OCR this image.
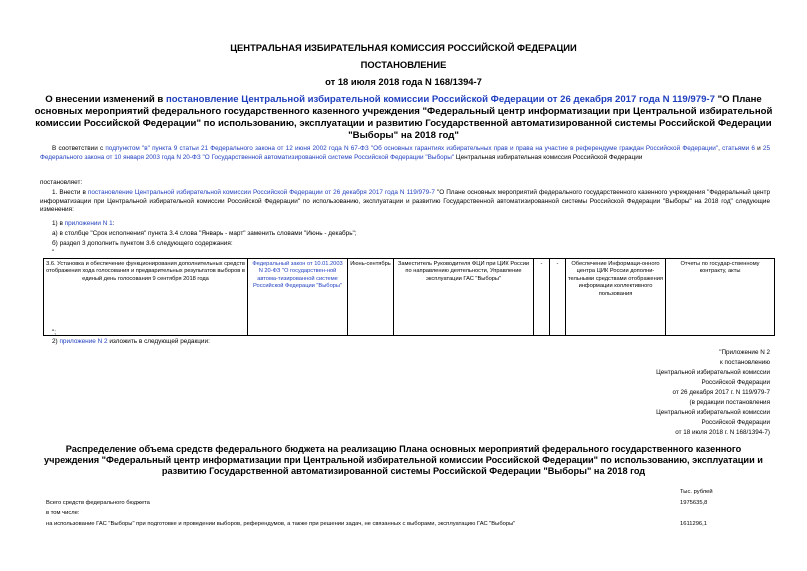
ЦЕНТРАЛЬНАЯ ИЗБИРАТЕЛЬНАЯ КОМИССИЯ РОССИЙСКОЙ ФЕДЕРАЦИИ
ПОСТАНОВЛЕНИЕ
от 18 июля 2018 года N 168/1394-7
О внесении изменений в постановление Центральной избирательной комиссии Российской Федерации от 26 декабря 2017 года N 119/979-7 "О Плане основных мероприятий федерального государственного казенного учреждения "Федеральный центр информатизации при Центральной избирательной комиссии Российской Федерации" по использованию, эксплуатации и развитию Государственной автоматизированной системы Российской Федерации "Выборы" на 2018 год"
В соответствии с подпунктом "в" пункта 9 статьи 21 Федерального закона от 12 июня 2002 года N 67-ФЗ "Об основных гарантиях избирательных прав и права на участие в референдуме граждан Российской Федерации", статьями 6 и 25 Федерального закона от 10 января 2003 года N 20-ФЗ "О Государственной автоматизированной системе Российской Федерации "Выборы" Центральная избирательная комиссия Российской Федерации
постановляет:
1. Внести в постановление Центральной избирательной комиссии Российской Федерации от 26 декабря 2017 года N 119/979-7 "О Плане основных мероприятий федерального государственного казенного учреждения "Федеральный центр информатизации при Центральной избирательной комиссии Российской Федерации" по использованию, эксплуатации и развитию Государственной автоматизированной системы Российской Федерации "Выборы" на 2018 год" следующие изменения:
1) в приложении N 1:
а) в столбце "Срок исполнения" пункта 3.4 слова "Январь - март" заменить словами "Июнь - декабрь";
б) раздел 3 дополнить пунктом 3.6 следующего содержания:
"
3.6. Установка и обеспечение функционирования дополнительных средств отображения хода голосования и предварительных результатов выборов в единый день голосования 9 сентября 2018 года	Федеральный закон от 10.01.2003 N 20-ФЗ "О государствен-ной автома-тизированной системе Российской Федерации "Выборы"	Июнь-сентябрь	Заместитель Руководителя ФЦИ при ЦИК России по направлению деятельности, Управление эксплуатации ГАС "Выборы"	-	-	Обеспечение Информаци-онного центра ЦИК России дополни-тельными средствами отображения информации коллективного пользования	Отчеты по государ-ственному контракту, акты
";
2) приложение N 2 изложить в следующей редакции:
"Приложение N 2
к постановлению
Центральной избирательной комиссии
Российской Федерации
от 26 декабря 2017 г. N 119/979-7
(в редакции постановления
Центральной избирательной комиссии
Российской Федерации
от 18 июля 2018 г. N 168/1394-7)
Распределение объема средств федерального бюджета на реализацию Плана основных мероприятий федерального государственного казенного учреждения "Федеральный центр информатизации при Центральной избирательной комиссии Российской Федерации" по использованию, эксплуатации и развитию Государственной автоматизированной системы Российской Федерации "Выборы" на 2018 год
Тыс. рублей
Всего средств федерального бюджета	1975635,8
в том числе:
на использование ГАС "Выборы" при подготовке и проведении выборов, референдумов, а также при решении задач, не связанных с выборами, эксплуатацию ГАС "Выборы"	1611296,1
